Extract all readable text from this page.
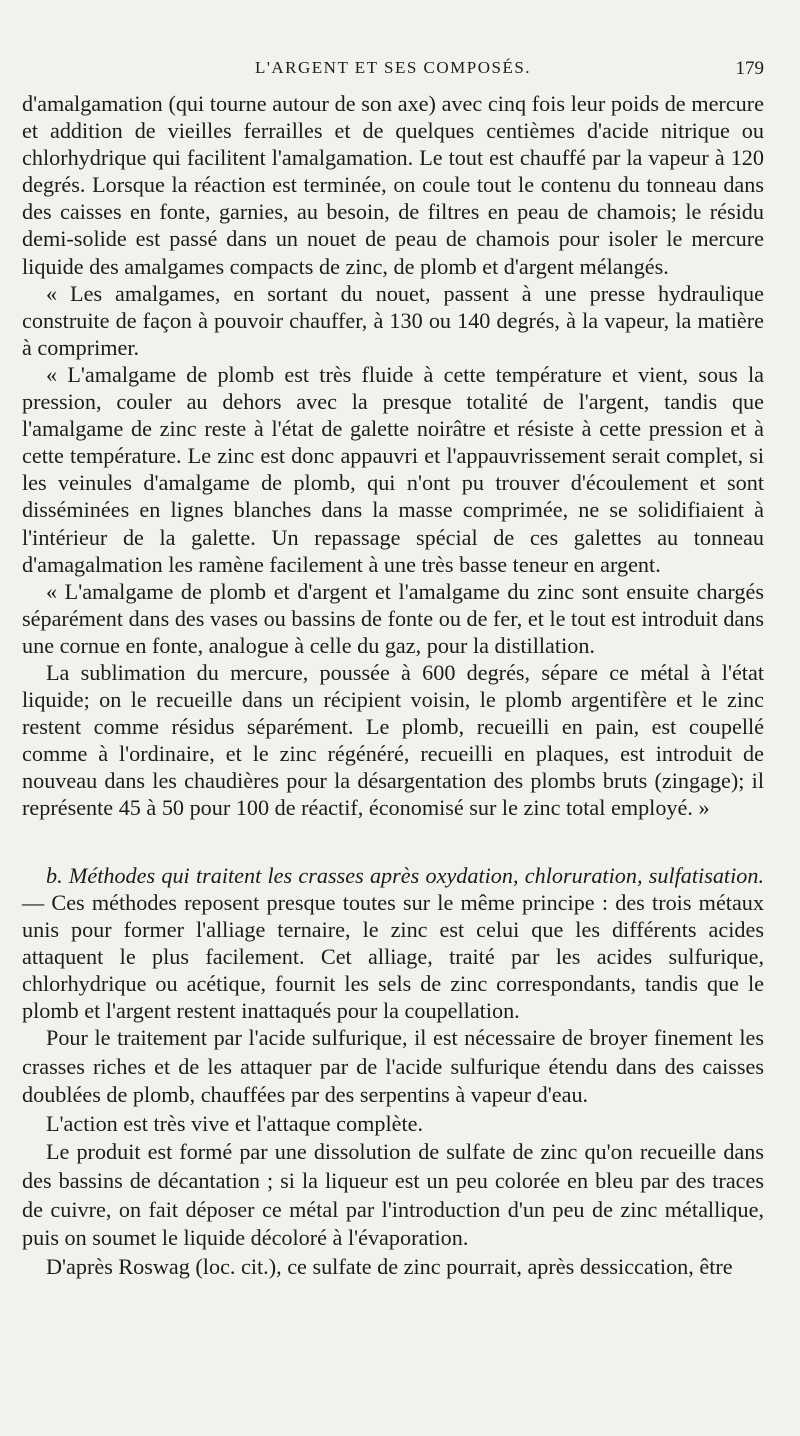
L'ARGENT ET SES COMPOSÉS.	179

d'amalgamation (qui tourne autour de son axe) avec cinq fois leur poids de mercure et addition de vieilles ferrailles et de quelques centièmes d'acide nitrique ou chlorhydrique qui facilitent l'amalgamation. Le tout est chauffé par la vapeur à 120 degrés. Lorsque la réaction est terminée, on coule tout le contenu du tonneau dans des caisses en fonte, garnies, au besoin, de filtres en peau de chamois; le résidu demi-solide est passé dans un nouet de peau de chamois pour isoler le mercure liquide des amalgames compacts de zinc, de plomb et d'argent mélangés.

« Les amalgames, en sortant du nouet, passent à une presse hydraulique construite de façon à pouvoir chauffer, à 130 ou 140 degrés, à la vapeur, la matière à comprimer.

« L'amalgame de plomb est très fluide à cette température et vient, sous la pression, couler au dehors avec la presque totalité de l'argent, tandis que l'amalgame de zinc reste à l'état de galette noirâtre et résiste à cette pression et à cette température. Le zinc est donc appauvri et l'appauvrissement serait complet, si les veinules d'amalgame de plomb, qui n'ont pu trouver d'écoulement et sont disséminées en lignes blanches dans la masse comprimée, ne se solidifiaient à l'intérieur de la galette. Un repassage spécial de ces galettes au tonneau d'amagalmation les ramène facilement à une très basse teneur en argent.

« L'amalgame de plomb et d'argent et l'amalgame du zinc sont ensuite chargés séparément dans des vases ou bassins de fonte ou de fer, et le tout est introduit dans une cornue en fonte, analogue à celle du gaz, pour la distillation.

La sublimation du mercure, poussée à 600 degrés, sépare ce métal à l'état liquide; on le recueille dans un récipient voisin, le plomb argentifère et le zinc restent comme résidus séparément. Le plomb, recueilli en pain, est coupellé comme à l'ordinaire, et le zinc régénéré, recueilli en plaques, est introduit de nouveau dans les chaudières pour la désargentation des plombs bruts (zingage); il représente 45 à 50 pour 100 de réactif, économisé sur le zinc total employé. »

b. Méthodes qui traitent les crasses après oxydation, chloruration, sulfatisation. — Ces méthodes reposent presque toutes sur le même principe : des trois métaux unis pour former l'alliage ternaire, le zinc est celui que les différents acides attaquent le plus facilement. Cet alliage, traité par les acides sulfurique, chlorhydrique ou acétique, fournit les sels de zinc correspondants, tandis que le plomb et l'argent restent inattaqués pour la coupellation.

Pour le traitement par l'acide sulfurique, il est nécessaire de broyer finement les crasses riches et de les attaquer par de l'acide sulfurique étendu dans des caisses doublées de plomb, chauffées par des serpentins à vapeur d'eau.

L'action est très vive et l'attaque complète.

Le produit est formé par une dissolution de sulfate de zinc qu'on recueille dans des bassins de décantation ; si la liqueur est un peu colorée en bleu par des traces de cuivre, on fait déposer ce métal par l'introduction d'un peu de zinc métallique, puis on soumet le liquide décoloré à l'évaporation.

D'après Roswag (loc. cit.), ce sulfate de zinc pourrait, après dessiccation, être
